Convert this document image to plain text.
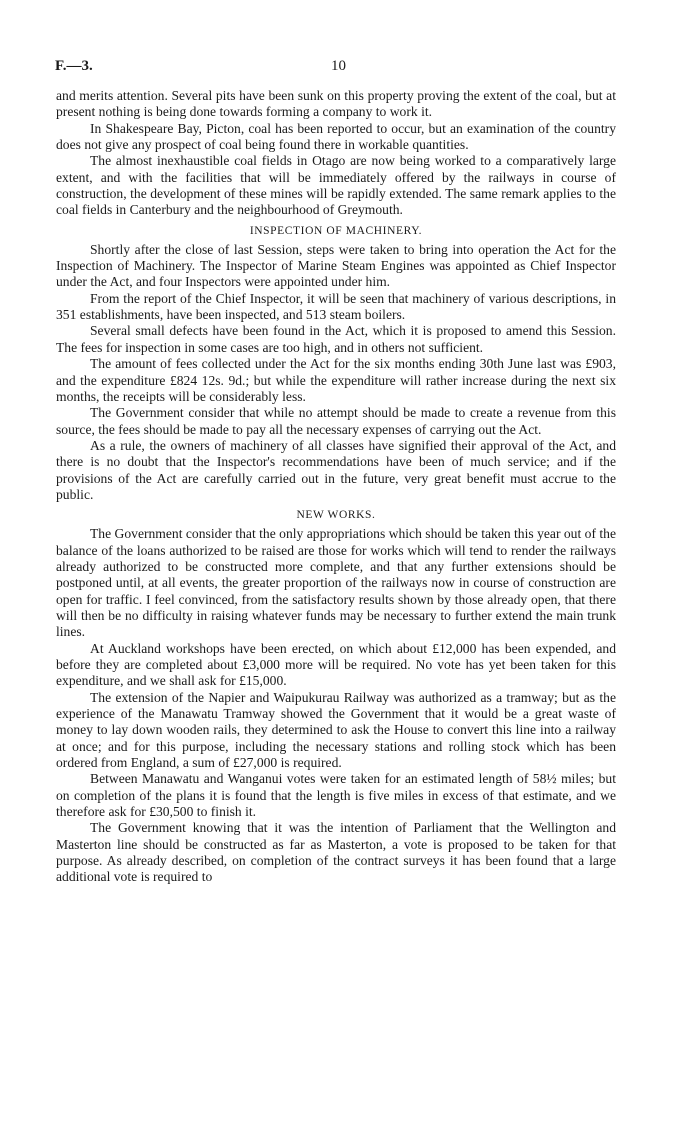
F.—3.	10

and merits attention. Several pits have been sunk on this property proving the extent of the coal, but at present nothing is being done towards forming a company to work it.

In Shakespeare Bay, Picton, coal has been reported to occur, but an examination of the country does not give any prospect of coal being found there in workable quantities.

The almost inexhaustible coal fields in Otago are now being worked to a comparatively large extent, and with the facilities that will be immediately offered by the railways in course of construction, the development of these mines will be rapidly extended. The same remark applies to the coal fields in Canterbury and the neighbourhood of Greymouth.

INSPECTION OF MACHINERY.

Shortly after the close of last Session, steps were taken to bring into operation the Act for the Inspection of Machinery. The Inspector of Marine Steam Engines was appointed as Chief Inspector under the Act, and four Inspectors were appointed under him.

From the report of the Chief Inspector, it will be seen that machinery of various descriptions, in 351 establishments, have been inspected, and 513 steam boilers.

Several small defects have been found in the Act, which it is proposed to amend this Session. The fees for inspection in some cases are too high, and in others not sufficient.

The amount of fees collected under the Act for the six months ending 30th June last was £903, and the expenditure £824 12s. 9d.; but while the expenditure will rather increase during the next six months, the receipts will be considerably less.

The Government consider that while no attempt should be made to create a revenue from this source, the fees should be made to pay all the necessary expenses of carrying out the Act.

As a rule, the owners of machinery of all classes have signified their approval of the Act, and there is no doubt that the Inspector's recommendations have been of much service; and if the provisions of the Act are carefully carried out in the future, very great benefit must accrue to the public.

NEW WORKS.

The Government consider that the only appropriations which should be taken this year out of the balance of the loans authorized to be raised are those for works which will tend to render the railways already authorized to be constructed more complete, and that any further extensions should be postponed until, at all events, the greater proportion of the railways now in course of construction are open for traffic. I feel convinced, from the satisfactory results shown by those already open, that there will then be no difficulty in raising whatever funds may be necessary to further extend the main trunk lines.

At Auckland workshops have been erected, on which about £12,000 has been expended, and before they are completed about £3,000 more will be required. No vote has yet been taken for this expenditure, and we shall ask for £15,000.

The extension of the Napier and Waipukurau Railway was authorized as a tramway; but as the experience of the Manawatu Tramway showed the Government that it would be a great waste of money to lay down wooden rails, they determined to ask the House to convert this line into a railway at once; and for this purpose, including the necessary stations and rolling stock which has been ordered from England, a sum of £27,000 is required.

Between Manawatu and Wanganui votes were taken for an estimated length of 58½ miles; but on completion of the plans it is found that the length is five miles in excess of that estimate, and we therefore ask for £30,500 to finish it.

The Government knowing that it was the intention of Parliament that the Wellington and Masterton line should be constructed as far as Masterton, a vote is proposed to be taken for that purpose. As already described, on completion of the contract surveys it has been found that a large additional vote is required to
